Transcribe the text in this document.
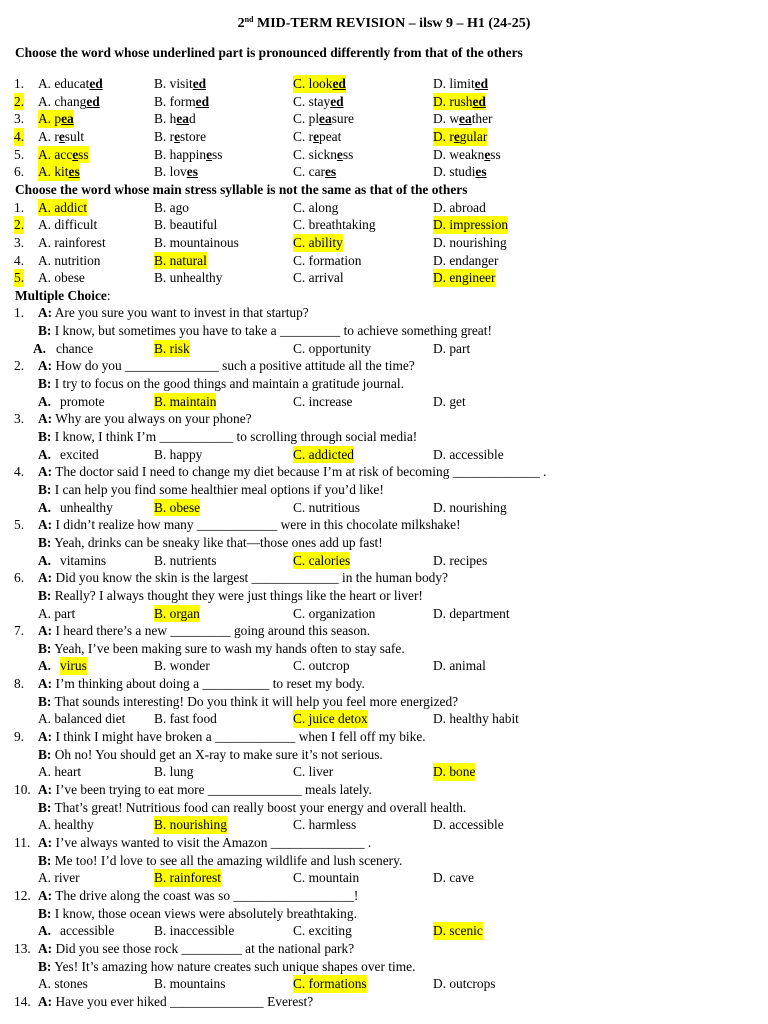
2nd MID-TERM REVISION – ilsw 9 – H1 (24-25)
Choose the word whose underlined part is pronounced differently from that of the others
1. A. educated	B. visited	C. looked	D. limited
2. A. changed	B. formed	C. stayed	D. rushed
3. A. pea	B. head	C. pleasure	D. weather
4. A. result	B. restore	C. repeat	D. regular
5. A. access	B. happiness	C. sickness	D. weakness
6. A. kites	B. loves	C. cares	D. studies
Choose the word whose main stress syllable is not the same as that of the others
1. A. addict	B. ago	C. along	D. abroad
2. A. difficult	B. beautiful	C. breathtaking	D. impression
3. A. rainforest	B. mountainous	C. ability	D. nourishing
4. A. nutrition	B. natural	C. formation	D. endanger
5. A. obese	B. unhealthy	C. arrival	D. engineer
Multiple Choice:
1. A: Are you sure you want to invest in that startup?
B: I know, but sometimes you have to take a _________ to achieve something great!
A. chance	B. risk	C. opportunity	D. part
2. A: How do you ______________ such a positive attitude all the time?
B: I try to focus on the good things and maintain a gratitude journal.
A. promote	B. maintain	C. increase	D. get
3. A: Why are you always on your phone?
B: I know, I think I’m ___________ to scrolling through social media!
A. excited	B. happy	C. addicted	D. accessible
4. A: The doctor said I need to change my diet because I’m at risk of becoming _____________ .
B: I can help you find some healthier meal options if you’d like!
A. unhealthy	B. obese	C. nutritious	D. nourishing
5. A: I didn’t realize how many ____________ were in this chocolate milkshake!
B: Yeah, drinks can be sneaky like that—those ones add up fast!
A. vitamins	B. nutrients	C. calories	D. recipes
6. A: Did you know the skin is the largest _____________ in the human body?
B: Really? I always thought they were just things like the heart or liver!
A. part	B. organ	C. organization	D. department
7. A: I heard there’s a new _________ going around this season.
B: Yeah, I’ve been making sure to wash my hands often to stay safe.
A. virus	B. wonder	C. outcrop	D. animal
8. A: I’m thinking about doing a __________ to reset my body.
B: That sounds interesting! Do you think it will help you feel more energized?
A. balanced diet B. fast food	C. juice detox	D. healthy habit
9. A: I think I might have broken a ____________ when I fell off my bike.
B: Oh no! You should get an X-ray to make sure it’s not serious.
A. heart	B. lung	C. liver	D. bone
10. A: I’ve been trying to eat more ______________ meals lately.
B: That’s great! Nutritious food can really boost your energy and overall health.
A. healthy	B. nourishing	C. harmless	D. accessible
11. A: I’ve always wanted to visit the Amazon ______________ .
B: Me too! I’d love to see all the amazing wildlife and lush scenery.
A. river	B. rainforest	C. mountain	D. cave
12. A: The drive along the coast was so __________________!
B: I know, those ocean views were absolutely breathtaking.
A. accessible	B. inaccessible	C. exciting	D. scenic
13. A: Did you see those rock _________ at the national park?
B: Yes! It’s amazing how nature creates such unique shapes over time.
A. stones	B. mountains	C. formations	D. outcrops
14. A: Have you ever hiked ______________ Everest?
